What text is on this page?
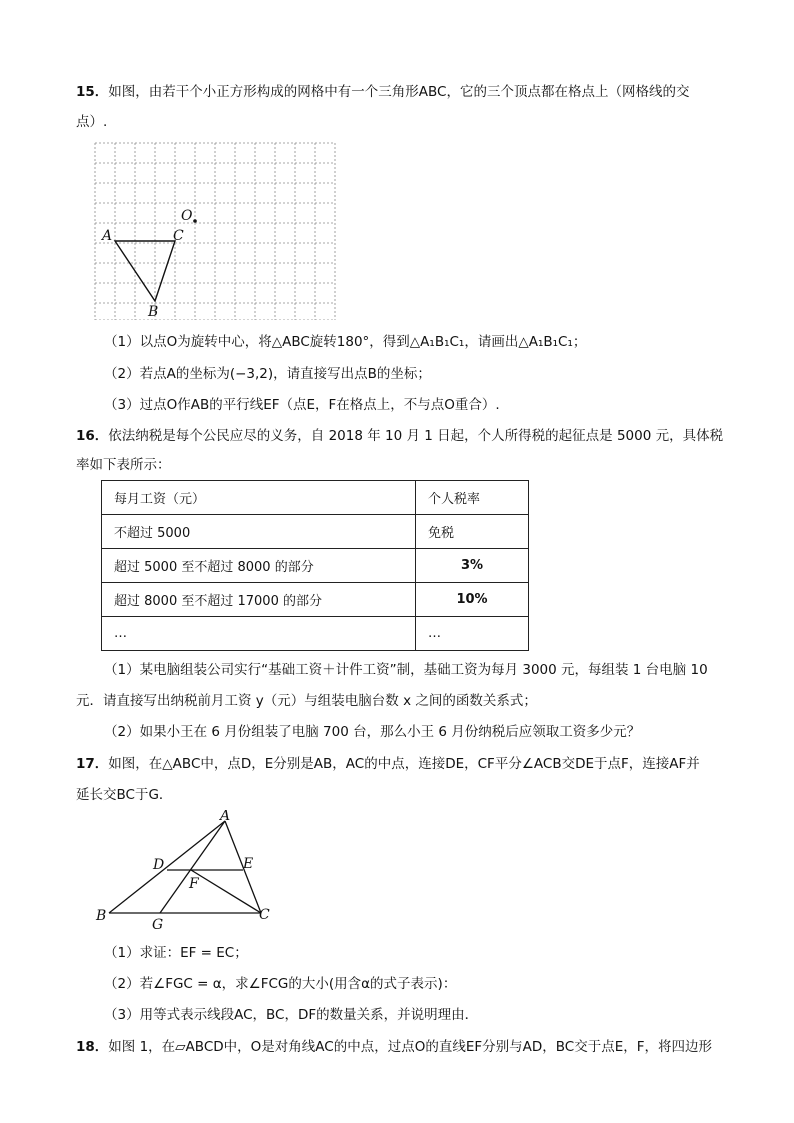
15．如图，由若干个小正方形构成的网格中有一个三角形ABC，它的三个顶点都在格点上（网格线的交
点）.
O
A	C
B
（1）以点O为旋转中心，将△ABC旋转180°，得到△A₁B₁C₁，请画出△A₁B₁C₁；
（2）若点A的坐标为(−3,2)，请直接写出点B的坐标；
（3）过点O作AB的平行线EF（点E，F在格点上，不与点O重合）.
16．依法纳税是每个公民应尽的义务，自 2018 年 10 月 1 日起，个人所得税的起征点是 5000 元，具体税
率如下表所示：
每月工资（元）	个人税率
不超过 5000	免税
超过 5000 至不超过 8000 的部分	3%
超过 8000 至不超过 17000 的部分	10%
…	…
（1）某电脑组装公司实行“基础工资＋计件工资”制，基础工资为每月 3000 元，每组装 1 台电脑 10
元．请直接写出纳税前月工资 y（元）与组装电脑台数 x 之间的函数关系式；
（2）如果小王在 6 月份组装了电脑 700 台，那么小王 6 月份纳税后应领取工资多少元？
17．如图，在△ABC中，点D，E分别是AB，AC的中点，连接DE，CF平分∠ACB交DE于点F，连接AF并
延长交BC于G．
A
B	C
D	E
F
G
（1）求证：EF = EC；
（2）若∠FGC = α，求∠FCG的大小(用含α的式子表示)：
（3）用等式表示线段AC，BC，DF的数量关系，并说明理由．
18．如图 1，在▱ABCD中，O是对角线AC的中点，过点O的直线EF分别与AD，BC交于点E，F，将四边形
